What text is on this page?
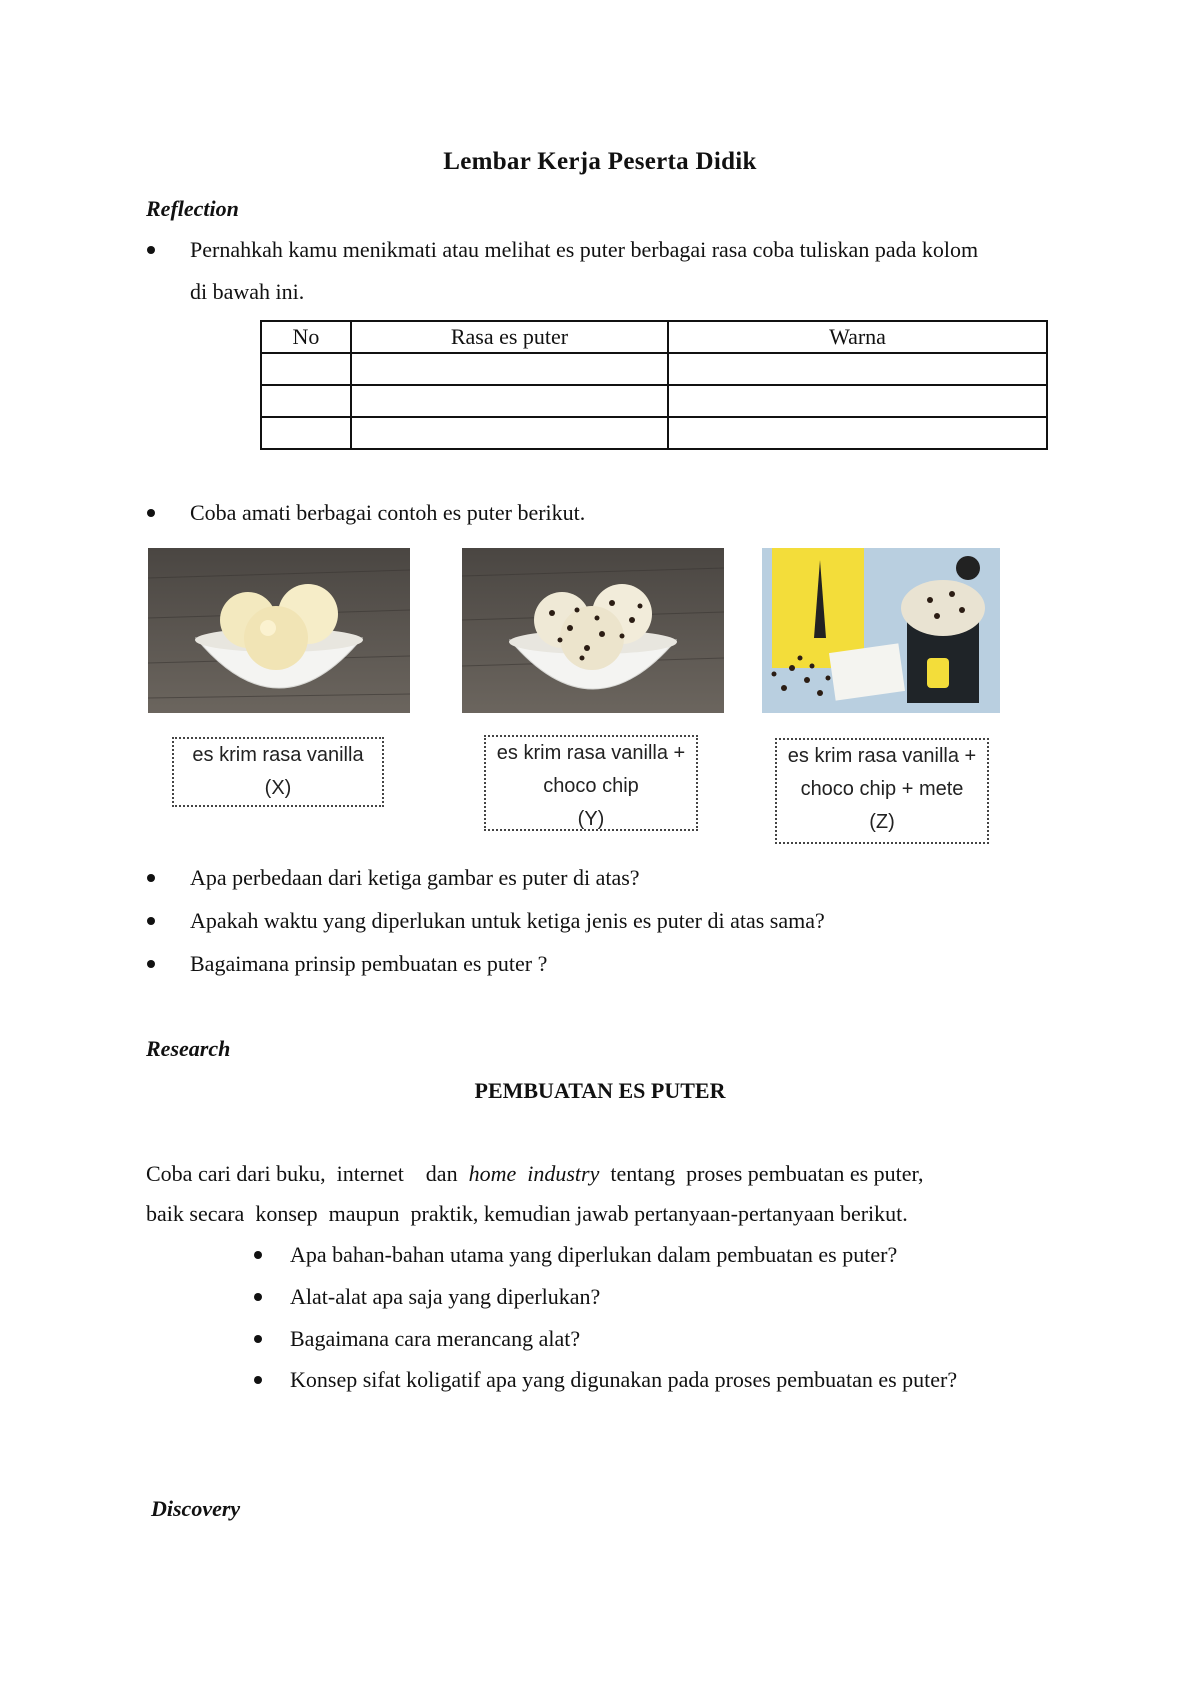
Lembar Kerja Peserta Didik
Reflection
Pernahkah kamu menikmati atau melihat es puter berbagai rasa coba tuliskan pada kolom
di bawah ini.
No	Rasa es puter	Warna

Coba amati berbagai contoh es puter berikut.
es krim rasa vanilla
(X)
es krim rasa vanilla +
choco chip
(Y)
es krim rasa vanilla +
choco chip + mete
(Z)
Apa perbedaan dari ketiga gambar es puter di atas?
Apakah waktu yang diperlukan untuk ketiga jenis es puter di atas sama?
Bagaimana prinsip pembuatan es puter ?
Research
PEMBUATAN ES PUTER
Coba cari dari buku,  internet    dan  home  industry  tentang  proses pembuatan es puter,
baik secara  konsep  maupun  praktik, kemudian jawab pertanyaan-pertanyaan berikut.
Apa bahan-bahan utama yang diperlukan dalam pembuatan es puter?
Alat-alat apa saja yang diperlukan?
Bagaimana cara merancang alat?
Konsep sifat koligatif apa yang digunakan pada proses pembuatan es puter?
Discovery
